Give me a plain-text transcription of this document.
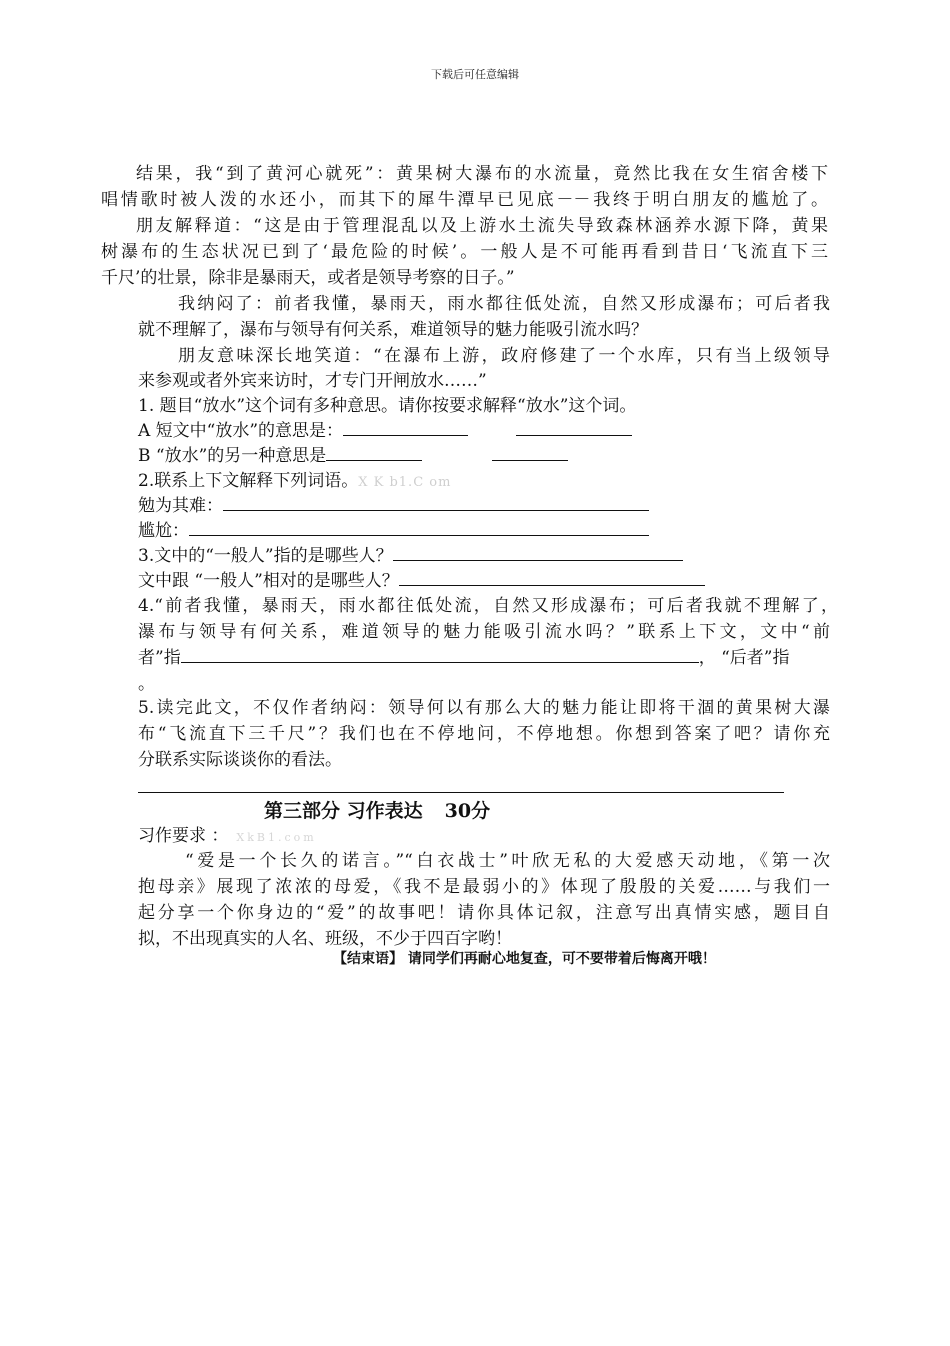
下载后可任意编辑
结果，我“到了黄河心就死”：黄果树大瀑布的水流量，竟然比我在女生宿舍楼下
唱情歌时被人泼的水还小，而其下的犀牛潭早已见底－－我终于明白朋友的尴尬了。
朋友解释道：“这是由于管理混乱以及上游水土流失导致森林涵养水源下降，黄果
树瀑布的生态状况已到了‘最危险的时候’。一般人是不可能再看到昔日‘飞流直下三
千尺’的壮景，除非是暴雨天，或者是领导考察的日子。”
我纳闷了：前者我懂，暴雨天，雨水都往低处流，自然又形成瀑布；可后者我
就不理解了，瀑布与领导有何关系，难道领导的魅力能吸引流水吗？
朋友意味深长地笑道：“在瀑布上游，政府修建了一个水库，只有当上级领导
来参观或者外宾来访时，才专门开闸放水……”
1. 题目“放水”这个词有多种意思。请你按要求解释“放水”这个词。
A 短文中“放水”的意思是：
B “放水”的另一种意思是
2.联系上下文解释下列词语。X K b1.C om
勉为其难：
尴尬：
3.文中的“一般人”指的是哪些人？
文中跟 “一般人”相对的是哪些人？
4.“前者我懂，暴雨天，雨水都往低处流，自然又形成瀑布；可后者我就不理解了，
瀑布与领导有何关系，难道领导的魅力能吸引流水吗？”联系上下文，文中“前
者”指	， “后者”指
。
5.读完此文，不仅作者纳闷：领导何以有那么大的魅力能让即将干涸的黄果树大瀑
布“飞流直下三千尺”？我们也在不停地问，不停地想。你想到答案了吧？请你充
分联系实际谈谈你的看法。
第三部分 习作表达 30分
习作要求 ： XkB1.com
“爱是一个长久的诺言。”“白衣战士”叶欣无私的大爱感天动地，《第一次
抱母亲》展现了浓浓的母爱，《我不是最弱小的》体现了殷殷的关爱……与我们一
起分享一个你身边的“爱”的故事吧！请你具体记叙，注意写出真情实感，题目自
拟，不出现真实的人名、班级，不少于四百字哟！
【结束语】 请同学们再耐心地复查，可不要带着后悔离开哦！
